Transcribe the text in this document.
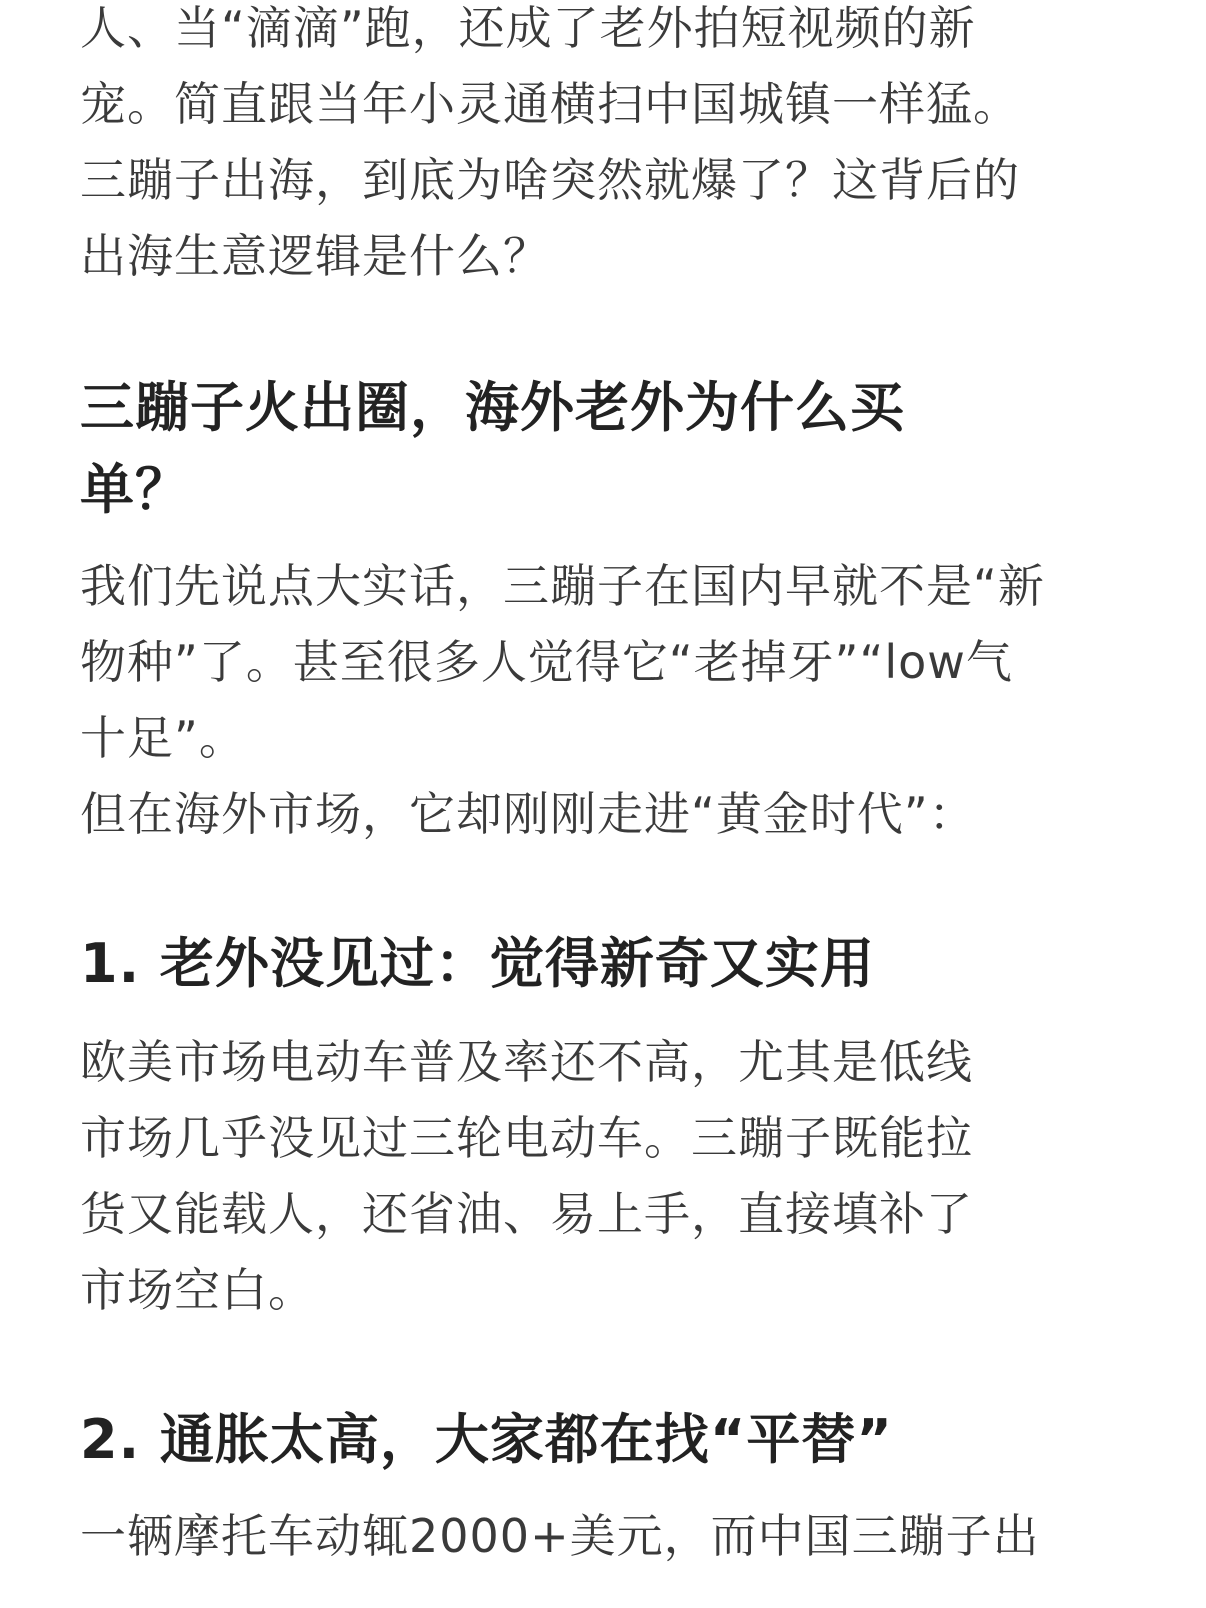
人、当“滴滴”跑，还成了老外拍短视频的新
宠。简直跟当年小灵通横扫中国城镇一样猛。
三蹦子出海，到底为啥突然就爆了？这背后的
出海生意逻辑是什么？
三蹦子火出圈，海外老外为什么买
单？
我们先说点大实话，三蹦子在国内早就不是“新
物种”了。甚至很多人觉得它“老掉牙”“low气
十足”。
但在海外市场，它却刚刚走进“黄金时代”：
1. 老外没见过：觉得新奇又实用
欧美市场电动车普及率还不高，尤其是低线
市场几乎没见过三轮电动车。三蹦子既能拉
货又能载人，还省油、易上手，直接填补了
市场空白。
2. 通胀太高，大家都在找“平替”
一辆摩托车动辄2000+美元，而中国三蹦子出
